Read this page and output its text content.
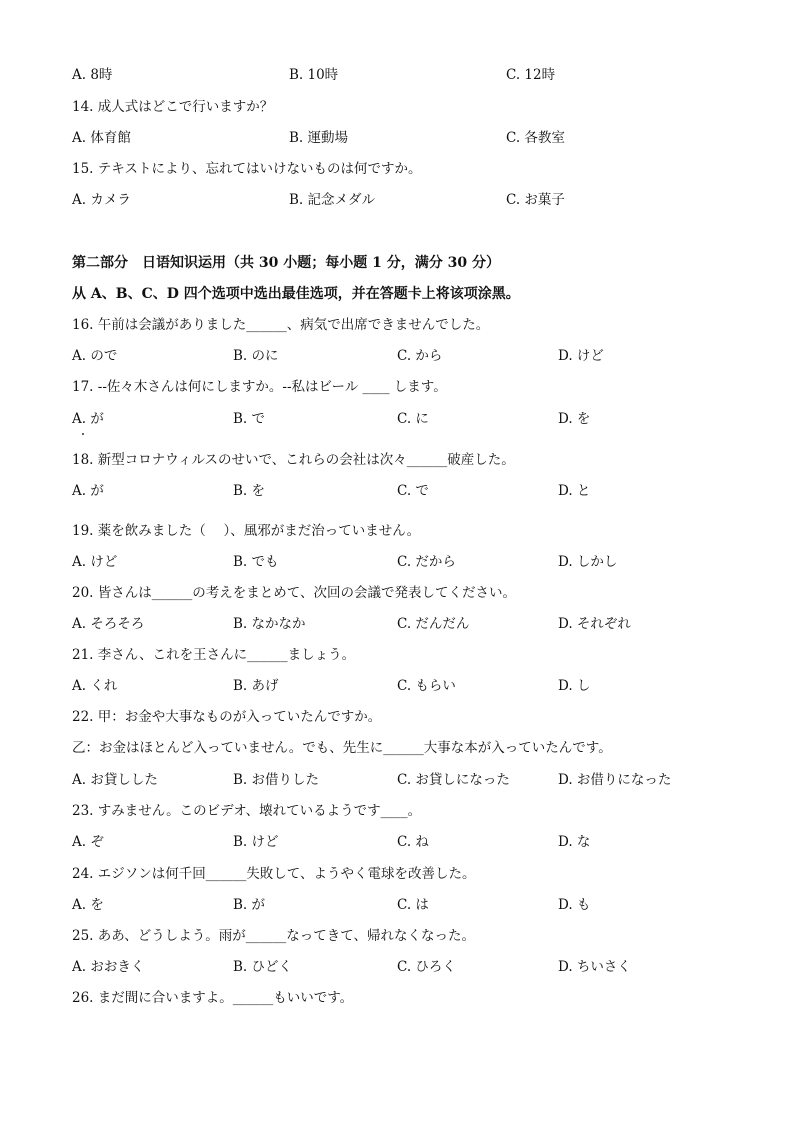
A. 8時	B. 10時	C. 12時
14. 成人式はどこで行いますか？
A. 体育館	B. 運動場	C. 各教室
15. テキストにより、忘れてはいけないものは何ですか。
A. カメラ	B. 記念メダル	C. お菓子
第二部分　日语知识运用（共 30 小题；每小题 1 分，满分 30 分）
从 A、B、C、D 四个选项中选出最佳选项，并在答题卡上将该项涂黑。
16. 午前は会議がありました______、病気で出席できませんでした。
A. ので	B. のに	C. から	D. けど
17. --佐々木さんは何にしますか。--私はビール ____ します。
A. が	B. で	C. に	D. を
18. 新型コロナウィルスのせいで、これらの会社は次々______破産した。
A. が	B. を	C. で	D. と
19. 薬を飲みました（　 ）、風邪がまだ治っていません。
A. けど	B. でも	C. だから	D. しかし
20. 皆さんは______の考えをまとめて、次回の会議で発表してください。
A. そろそろ	B. なかなか	C. だんだん	D. それぞれ
21. 李さん、これを王さんに______ましょう。
A. くれ	B. あげ	C. もらい	D. し
22. 甲：お金や大事なものが入っていたんですか。
乙：お金はほとんど入っていません。でも、先生に______大事な本が入っていたんです。
A. お貸しした	B. お借りした	C. お貸しになった	D. お借りになった
23. すみません。このビデオ、壊れているようです____。
A. ぞ	B. けど	C. ね	D. な
24. エジソンは何千回______失敗して、ようやく電球を改善した。
A. を	B. が	C. は	D. も
25. ああ、どうしよう。雨が______なってきて、帰れなくなった。
A. おおきく	B. ひどく	C. ひろく	D. ちいさく
26. まだ間に合いますよ。______もいいです。
